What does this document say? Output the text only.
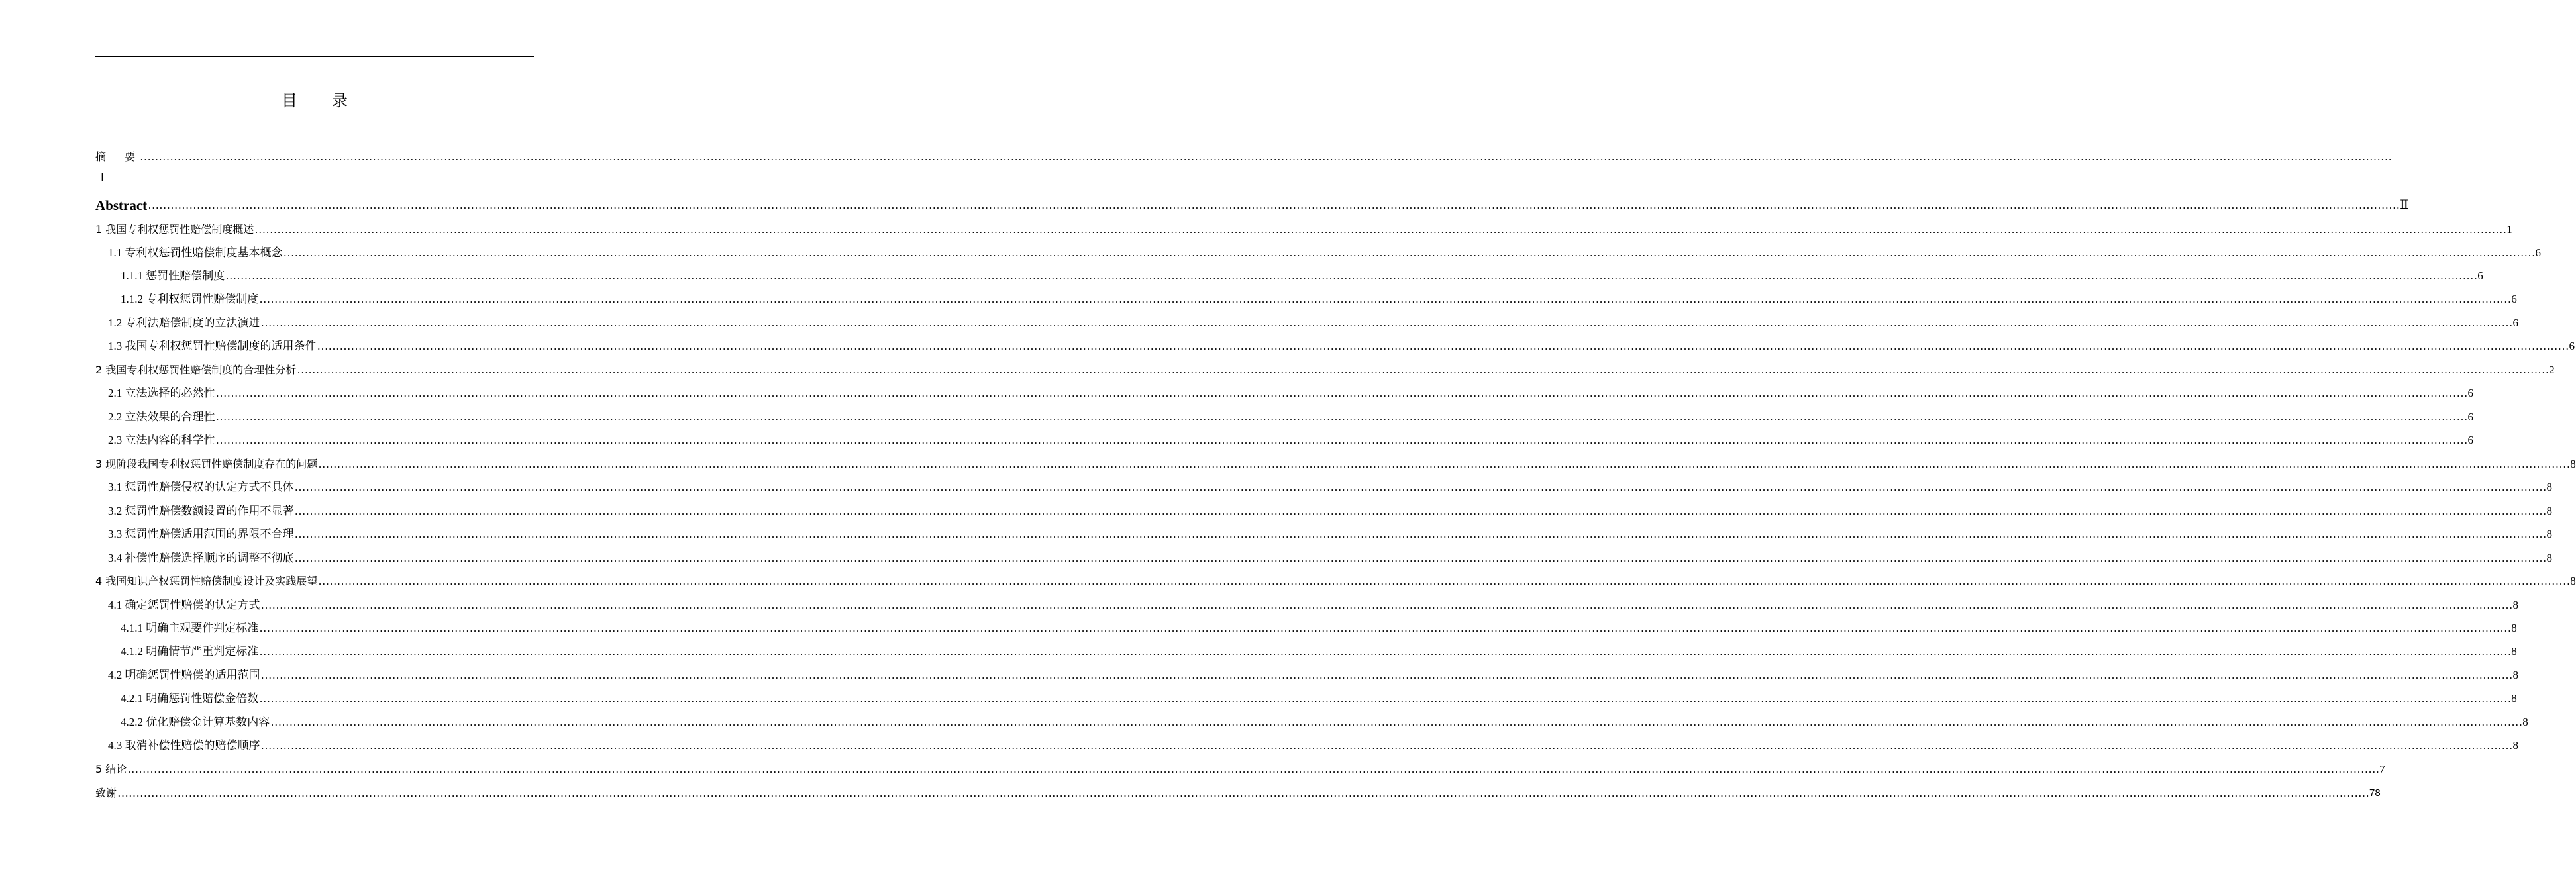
目 录
摘　要 ……………………………………………………………………………………………………………………………………………………………………………………………………………………………………………………………………………………………………………………………………………………………………………………………………………………………………………………………………………………………………………………………………………………
Abstract …………………………………………………………………………………………………………………………………………………………………………………………………………………………………………………………………………………………………………………………………………………………………………………………………………………………………………………………………………………………………………………………………………………… Ⅱ
1 我国专利权惩罚性赔偿制度概述 …………………………………………………………………………………………………………………………………………………………………………………………………………………………………………………………………………………………………………………………………………………………………………………………………………………………………………………………………………………………………………………………………………………… 1
1.1 专利权惩罚性赔偿制度基本概念 …………………………………………………………………………………………………………………………………………………………………………………………………………………………………………………………………………………………………………………………………………………………………………………………………………………………………………………………………………………………………………………………………………………… 6
1.1.1 惩罚性赔偿制度 …………………………………………………………………………………………………………………………………………………………………………………………………………………………………………………………………………………………………………………………………………………………………………………………………………………………………………………………………………………………………………………………………………………… 6
1.1.2 专利权惩罚性赔偿制度 …………………………………………………………………………………………………………………………………………………………………………………………………………………………………………………………………………………………………………………………………………………………………………………………………………………………………………………………………………………………………………………………………………………… 6
1.2 专利法赔偿制度的立法演进 …………………………………………………………………………………………………………………………………………………………………………………………………………………………………………………………………………………………………………………………………………………………………………………………………………………………………………………………………………………………………………………………………………………… 6
1.3 我国专利权惩罚性赔偿制度的适用条件 …………………………………………………………………………………………………………………………………………………………………………………………………………………………………………………………………………………………………………………………………………………………………………………………………………………………………………………………………………………………………………………………………………………… 6
2 我国专利权惩罚性赔偿制度的合理性分析 …………………………………………………………………………………………………………………………………………………………………………………………………………………………………………………………………………………………………………………………………………………………………………………………………………………………………………………………………………………………………………………………………………………… 2
2.1 立法选择的必然性 …………………………………………………………………………………………………………………………………………………………………………………………………………………………………………………………………………………………………………………………………………………………………………………………………………………………………………………………………………………………………………………………………………………… 6
2.2 立法效果的合理性 …………………………………………………………………………………………………………………………………………………………………………………………………………………………………………………………………………………………………………………………………………………………………………………………………………………………………………………………………………………………………………………………………………………… 6
2.3 立法内容的科学性 …………………………………………………………………………………………………………………………………………………………………………………………………………………………………………………………………………………………………………………………………………………………………………………………………………………………………………………………………………………………………………………………………………………… 6
3 现阶段我国专利权惩罚性赔偿制度存在的问题 …………………………………………………………………………………………………………………………………………………………………………………………………………………………………………………………………………………………………………………………………………………………………………………………………………………………………………………………………………………………………………………………………………………… 8
3.1 惩罚性赔偿侵权的认定方式不具体 …………………………………………………………………………………………………………………………………………………………………………………………………………………………………………………………………………………………………………………………………………………………………………………………………………………………………………………………………………………………………………………………………………………… 8
3.2 惩罚性赔偿数额设置的作用不显著 …………………………………………………………………………………………………………………………………………………………………………………………………………………………………………………………………………………………………………………………………………………………………………………………………………………………………………………………………………………………………………………………………………………… 8
3.3 惩罚性赔偿适用范围的界限不合理 …………………………………………………………………………………………………………………………………………………………………………………………………………………………………………………………………………………………………………………………………………………………………………………………………………………………………………………………………………………………………………………………………………………… 8
3.4 补偿性赔偿选择顺序的调整不彻底 …………………………………………………………………………………………………………………………………………………………………………………………………………………………………………………………………………………………………………………………………………………………………………………………………………………………………………………………………………………………………………………………………………………… 8
4 我国知识产权惩罚性赔偿制度设计及实践展望 …………………………………………………………………………………………………………………………………………………………………………………………………………………………………………………………………………………………………………………………………………………………………………………………………………………………………………………………………………………………………………………………………………………… 8
4.1 确定惩罚性赔偿的认定方式 …………………………………………………………………………………………………………………………………………………………………………………………………………………………………………………………………………………………………………………………………………………………………………………………………………………………………………………………………………………………………………………………………………………… 8
4.1.1 明确主观要件判定标准 …………………………………………………………………………………………………………………………………………………………………………………………………………………………………………………………………………………………………………………………………………………………………………………………………………………………………………………………………………………………………………………………………………………… 8
4.1.2 明确情节严重判定标准 …………………………………………………………………………………………………………………………………………………………………………………………………………………………………………………………………………………………………………………………………………………………………………………………………………………………………………………………………………………………………………………………………………………… 8
4.2 明确惩罚性赔偿的适用范围 …………………………………………………………………………………………………………………………………………………………………………………………………………………………………………………………………………………………………………………………………………………………………………………………………………………………………………………………………………………………………………………………………………………… 8
4.2.1 明确惩罚性赔偿金倍数 …………………………………………………………………………………………………………………………………………………………………………………………………………………………………………………………………………………………………………………………………………………………………………………………………………………………………………………………………………………………………………………………………………………… 8
4.2.2 优化赔偿金计算基数内容 …………………………………………………………………………………………………………………………………………………………………………………………………………………………………………………………………………………………………………………………………………………………………………………………………………………………………………………………………………………………………………………………………………………… 8
4.3 取消补偿性赔偿的赔偿顺序 …………………………………………………………………………………………………………………………………………………………………………………………………………………………………………………………………………………………………………………………………………………………………………………………………………………………………………………………………………………………………………………………………………………… 8
5 结论 …………………………………………………………………………………………………………………………………………………………………………………………………………………………………………………………………………………………………………………………………………………………………………………………………………………………………………………………………………………………………………………………………………………… 7
致谢 …………………………………………………………………………………………………………………………………………………………………………………………………………………………………………………………………………………………………………………………………………………………………………………………………………………………………………………………………………………………………………………………………………………… 78
Ⅰ
